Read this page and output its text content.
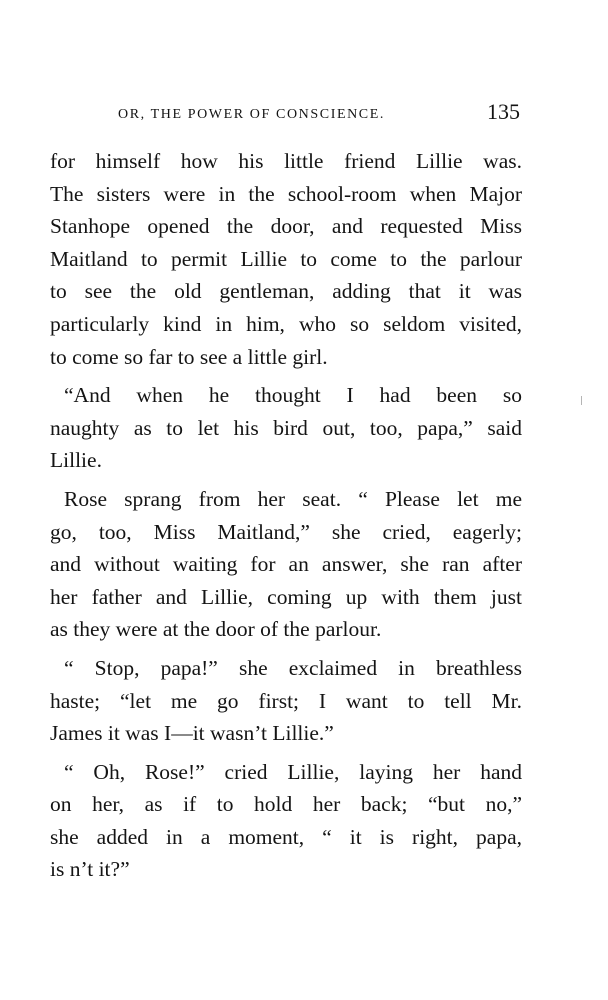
OR, THE POWER OF CONSCIENCE.	135
for himself how his little friend Lillie was.
The sisters were in the school-room when Major
Stanhope opened the door, and requested Miss
Maitland to permit Lillie to come to the parlour
to see the old gentleman, adding that it was
particularly kind in him, who so seldom visited,
to come so far to see a little girl.
“And when he thought I had been so
naughty as to let his bird out, too, papa,” said
Lillie.
Rose sprang from her seat. “ Please let me
go, too, Miss Maitland,” she cried, eagerly;
and without waiting for an answer, she ran after
her father and Lillie, coming up with them just
as they were at the door of the parlour.
“ Stop, papa!” she exclaimed in breathless
haste; “let me go first; I want to tell Mr.
James it was I—it wasn’t Lillie.”
“ Oh, Rose!” cried Lillie, laying her hand
on her, as if to hold her back; “but no,”
she added in a moment, “ it is right, papa,
is n’t it?”
